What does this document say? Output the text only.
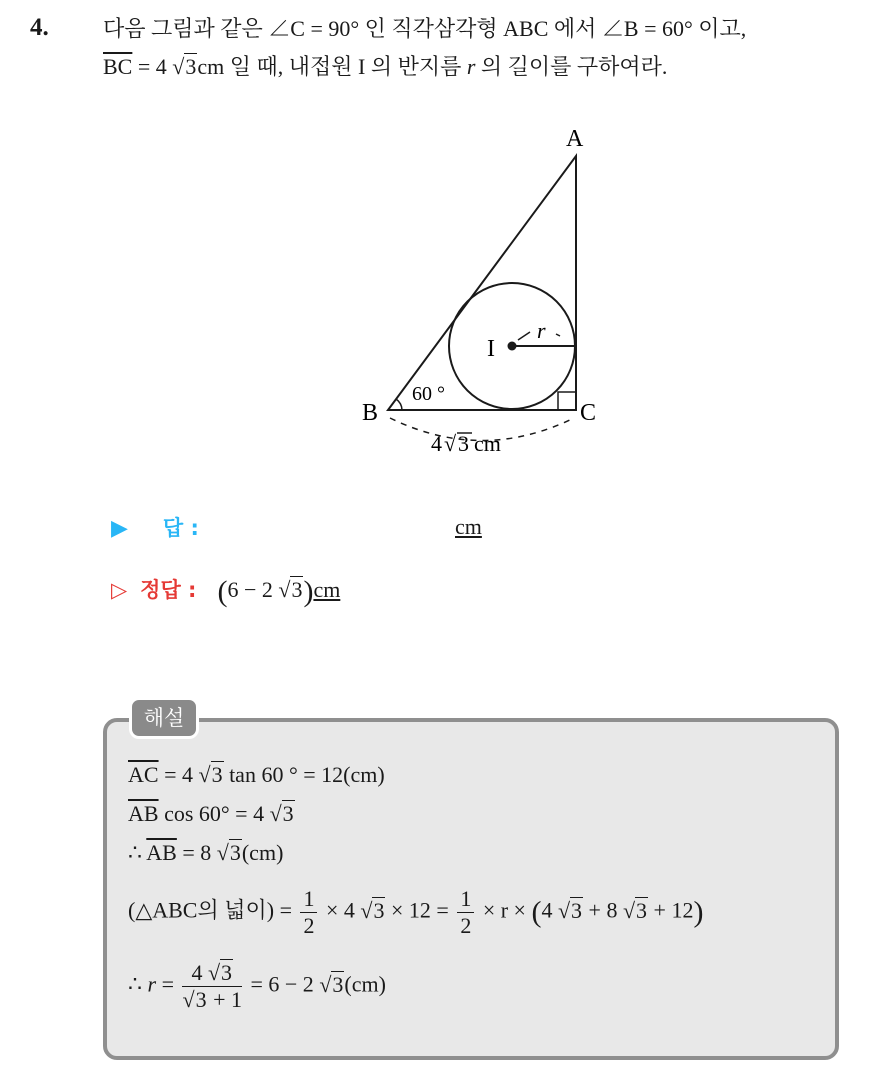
4. 다음 그림과 같은 ∠C = 90° 인 직각삼각형 ABC 에서 ∠B = 60° 이고,
$\overline{BC} = 4$ √3cm 일 때, 내접원 I 의 반지름 r 의 길이를 구하여라.
A
B	C
I
r
60 °
4 √ 3 cm
▶ 답 :	cm
▷ 정답 : (6 − 2 √3)cm
해설
$\overline{AC} = 4$ √3 tan 60 ° = 12(cm)
$\overline{AB}$ cos 60° = 4 √3
∴ $\overline{AB} = 8$ √3(cm)
(△ABC의 넓이) = $\frac{1}{2} \times 4$ $√3 \times 12 = \frac{1}{2} \times r \times (4$ √3 + 8 √3 + 12)
∴ $r = \frac{4 √3}{√3 + 1} = 6 - 2$ √3(cm)
